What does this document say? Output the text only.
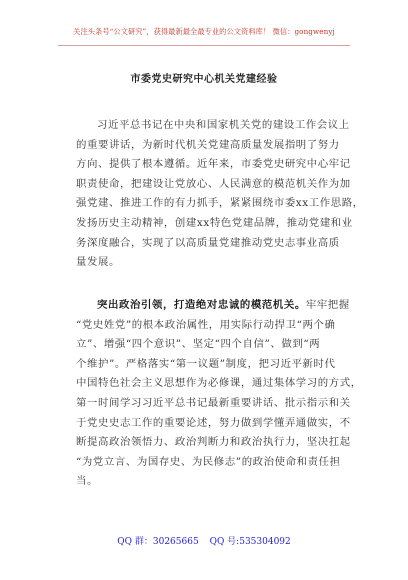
关注头条号“公文研究”，获得最新最全最专业的公文资料库！ 微信：gongwenyj
市委党史研究中心机关党建经验
习近平总书记在中央和国家机关党的建设工作会议上
的重要讲话，为新时代机关党建高质量发展指明了努力
方向、提供了根本遵循。近年来，市委党史研究中心牢记
职责使命，把建设让党放心、人民满意的模范机关作为加
强党建、推进工作的有力抓手，紧紧围绕市委xx工作思路，
发扬历史主动精神，创建xx特色党建品牌，推动党建和业
务深度融合，实现了以高质量党建推动党史志事业高质
量发展。
突出政治引领，打造绝对忠诚的模范机关。牢牢把握
“党史姓党”的根本政治属性，用实际行动捍卫“两个确
立”、增强“四个意识”、坚定“四个自信”、做到“两
个维护”。严格落实“第一议题”制度，把习近平新时代
中国特色社会主义思想作为必修课，通过集体学习的方式，
第一时间学习习近平总书记最新重要讲话、批示指示和关
于党史史志工作的重要论述，努力做到学懂弄通做实，不
断提高政治领悟力、政治判断力和政治执行力，坚决扛起
“为党立言、为国存史、为民修志”的政治使命和责任担
当。
QQ 群：30265665 QQ 号:535304092
